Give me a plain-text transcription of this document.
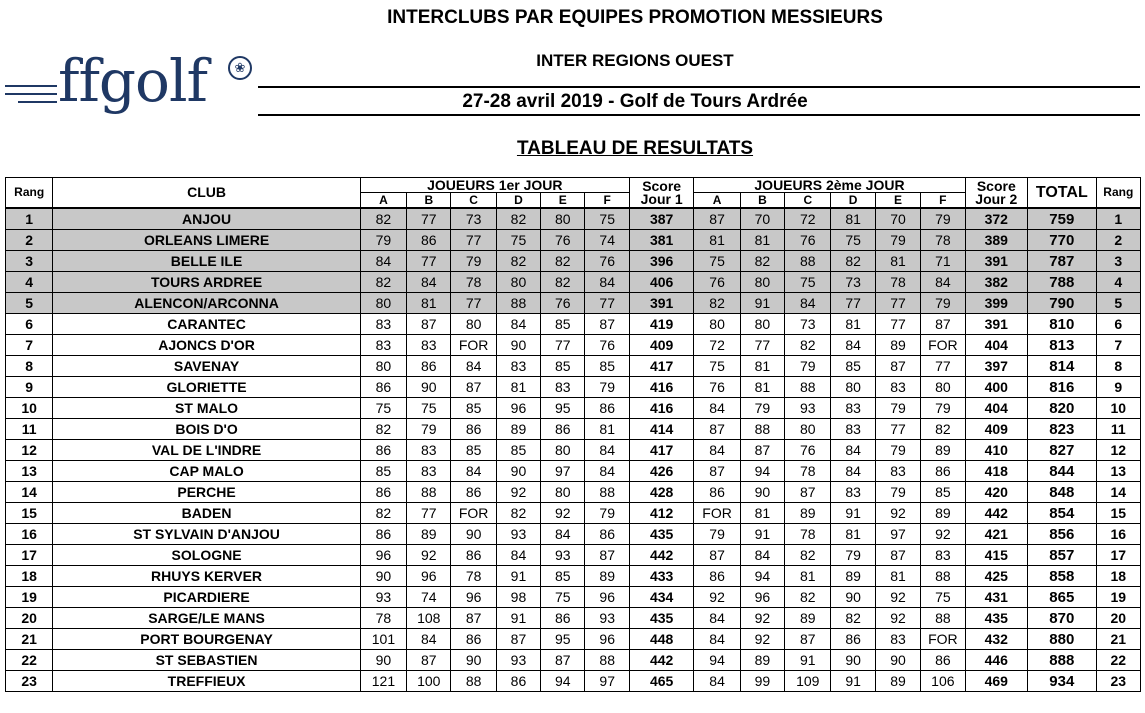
INTERCLUBS PAR EQUIPES PROMOTION MESSIEURS
INTER REGIONS OUEST
27-28 avril 2019 - Golf de Tours Ardrée
TABLEAU DE RESULTATS
ffgolf	❀
Rang	CLUB	JOUEURS 1er JOUR						Score
Jour 1	JOUEURS 2ème JOUR						Score
Jour 2	TOTAL	Rang
		A	B	C	D	E	F		A	B	C	D	E	F			
1	ANJOU	82	77	73	82	80	75	387	87	70	72	81	70	79	372	759	1
2	ORLEANS LIMERE	79	86	77	75	76	74	381	81	81	76	75	79	78	389	770	2
3	BELLE ILE	84	77	79	82	82	76	396	75	82	88	82	81	71	391	787	3
4	TOURS ARDREE	82	84	78	80	82	84	406	76	80	75	73	78	84	382	788	4
5	ALENCON/ARCONNA	80	81	77	88	76	77	391	82	91	84	77	77	79	399	790	5
6	CARANTEC	83	87	80	84	85	87	419	80	80	73	81	77	87	391	810	6
7	AJONCS D'OR	83	83	FOR	90	77	76	409	72	77	82	84	89	FOR	404	813	7
8	SAVENAY	80	86	84	83	85	85	417	75	81	79	85	87	77	397	814	8
9	GLORIETTE	86	90	87	81	83	79	416	76	81	88	80	83	80	400	816	9
10	ST MALO	75	75	85	96	95	86	416	84	79	93	83	79	79	404	820	10
11	BOIS D'O	82	79	86	89	86	81	414	87	88	80	83	77	82	409	823	11
12	VAL DE L'INDRE	86	83	85	85	80	84	417	84	87	76	84	79	89	410	827	12
13	CAP MALO	85	83	84	90	97	84	426	87	94	78	84	83	86	418	844	13
14	PERCHE	86	88	86	92	80	88	428	86	90	87	83	79	85	420	848	14
15	BADEN	82	77	FOR	82	92	79	412	FOR	81	89	91	92	89	442	854	15
16	ST SYLVAIN D'ANJOU	86	89	90	93	84	86	435	79	91	78	81	97	92	421	856	16
17	SOLOGNE	96	92	86	84	93	87	442	87	84	82	79	87	83	415	857	17
18	RHUYS KERVER	90	96	78	91	85	89	433	86	94	81	89	81	88	425	858	18
19	PICARDIERE	93	74	96	98	75	96	434	92	96	82	90	92	75	431	865	19
20	SARGE/LE MANS	78	108	87	91	86	93	435	84	92	89	82	92	88	435	870	20
21	PORT BOURGENAY	101	84	86	87	95	96	448	84	92	87	86	83	FOR	432	880	21
22	ST SEBASTIEN	90	87	90	93	87	88	442	94	89	91	90	90	86	446	888	22
23	TREFFIEUX	121	100	88	86	94	97	465	84	99	109	91	89	106	469	934	23
